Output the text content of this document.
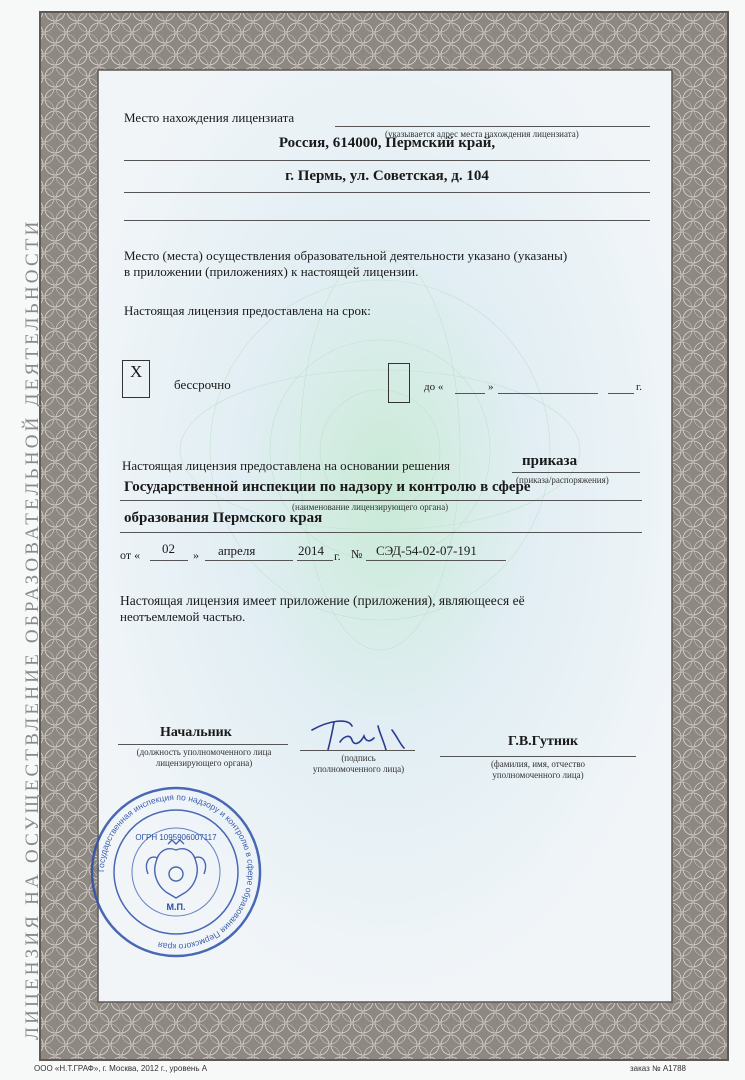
ЛИЦЕНЗИЯ НА ОСУЩЕСТВЛЕНИЕ ОБРАЗОВАТЕЛЬНОЙ ДЕЯТЕЛЬНОСТИ
Место нахождения лицензиата
(указывается адрес места нахождения лицензиата)
Россия, 614000, Пермский край,
г. Пермь, ул. Советская, д. 104
Место (места) осуществления образовательной деятельности указано (указаны)
в приложении (приложениях) к настоящей лицензии.
Настоящая лицензия предоставлена на срок:
X
бессрочно	до «	»	г.
Настоящая лицензия предоставлена на основании решения	приказа
(приказа/распоряжения)
Государственной инспекции по надзору и контролю в сфере
(наименование лицензирующего органа)
образования Пермского края
от « 02 » апреля	2014 г. № СЭД-54-02-07-191
Настоящая лицензия имеет приложение (приложения), являющееся её
неотъемлемой частью.
Начальник
(должность уполномоченного лица
лицензирующего органа)	(подпись
уполномоченного лица)
Г.В.Гутник
(фамилия, имя, отчество
уполномоченного лица)
Государственная инспекция по надзору и контролю в сфере образования Пермского края
ОГРН 1095906007117
М.П.
ООО «Н.Т.ГРАФ», г. Москва, 2012 г., уровень А	заказ № А1788
